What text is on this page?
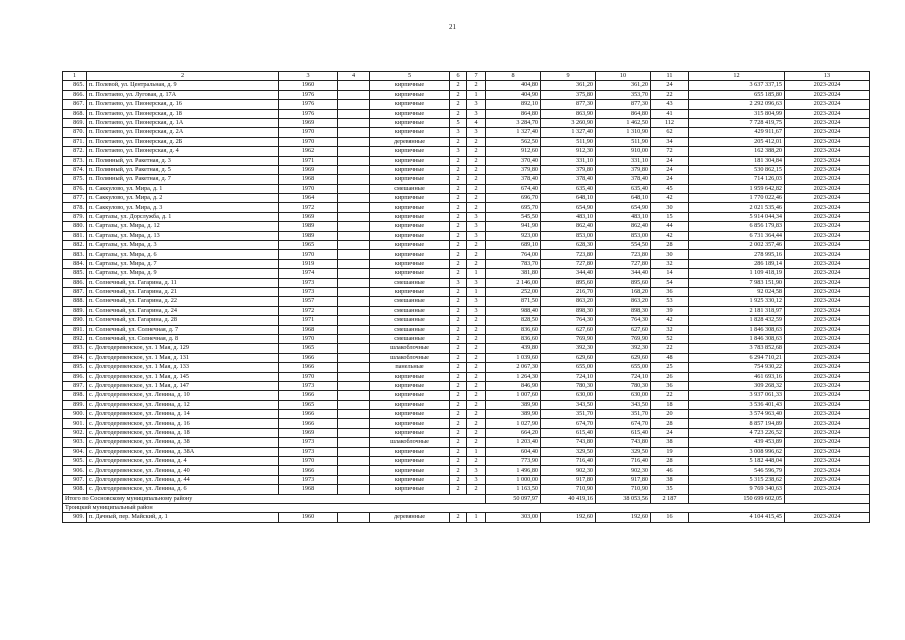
21
1	2	3	4	5	6	7	8	9	10	11	12	13
865.	п. Полевой, ул. Центральная, д. 9	1960		кирпичные	2	2	404,80	361,20	361,20	24	3 637 337,15	2023-2024
866.	п. Полетаево, ул. Луговая, д. 17А	1976		кирпичные	2	1	404,90	375,80	353,70	22	655 185,80	2023-2024
867.	п. Полетаево, ул. Пионерская, д. 16	1976		кирпичные	2	3	892,10	877,30	877,30	43	2 292 096,63	2023-2024
868.	п. Полетаево, ул. Пионерская, д. 18	1976		кирпичные	2	3	864,80	863,90	864,80	41	315 804,99	2023-2024
869.	п. Полетаево, ул. Пионерская, д. 1А	1969		кирпичные	5	4	3 284,70	3 260,90	1 462,50	112	7 728 419,75	2023-2024
870.	п. Полетаево, ул. Пионерская, д. 2А	1970		кирпичные	3	3	1 327,40	1 327,40	1 310,90	62	429 911,67	2023-2024
871.	п. Полетаево, ул. Пионерская, д. 2Б	1970		деревянные	2	2	562,50	511,90	511,90	34	205 412,01	2023-2024
872.	п. Полетаево, ул. Пионерская, д. 4	1962		кирпичные	3	2	912,60	912,30	910,00	72	162 388,20	2023-2024
873.	п. Полянный, ул. Ракетная, д. 3	1971		кирпичные	2	2	370,40	331,10	331,10	24	181 304,84	2023-2024
874.	п. Полянный, ул. Ракетная, д. 5	1969		кирпичные	2	2	379,80	379,80	379,80	24	530 862,15	2023-2024
875.	п. Полянный, ул. Ракетная, д. 7	1968		кирпичные	2	2	378,40	378,40	378,40	24	714 126,03	2023-2024
876.	п. Саккулово, ул. Мира, д. 1	1970		смешанные	2	2	674,40	635,40	635,40	45	1 959 642,82	2023-2024
877.	п. Саккулово, ул. Мира, д. 2	1964		кирпичные	2	2	696,70	648,10	648,10	42	1 770 022,46	2023-2024
878.	п. Саккулово, ул. Мира, д. 3	1972		кирпичные	2	2	695,70	654,90	654,90	30	2 021 535,46	2023-2024
879.	п. Сартазы, ул. Дорслужба, д. 1	1969		кирпичные	2	3	545,50	483,10	483,10	15	5 914 044,34	2023-2024
880.	п. Сартазы, ул. Мира, д. 12	1989		кирпичные	2	3	941,90	862,40	862,40	44	6 856 179,83	2023-2024
881.	п. Сартазы, ул. Мира, д. 13	1989		кирпичные	2	3	923,00	853,00	853,00	42	6 731 364,44	2023-2024
882.	п. Сартазы, ул. Мира, д. 3	1965		кирпичные	2	2	689,10	628,30	554,50	28	2 002 357,46	2023-2024
883.	п. Сартазы, ул. Мира, д. 6	1970		кирпичные	2	2	764,00	723,80	723,80	30	278 995,16	2023-2024
884.	п. Сартазы, ул. Мира, д. 7	1919		кирпичные	2	2	783,70	727,80	727,80	32	286 189,14	2023-2024
885.	п. Сартазы, ул. Мира, д. 9	1974		кирпичные	2	1	381,80	344,40	344,40	14	1 109 418,19	2023-2024
886.	п. Солнечный, ул. Гагарина, д. 11	1973		смешанные	3	3	2 146,00	895,60	895,60	54	7 983 151,90	2023-2024
887.	п. Солнечный, ул. Гагарина, д. 21	1973		кирпичные	2	1	252,00	216,70	168,20	36	92 024,58	2023-2024
888.	п. Солнечный, ул. Гагарина, д. 22	1957		смешанные	2	3	871,50	863,20	863,20	53	1 925 330,12	2023-2024
889.	п. Солнечный, ул. Гагарина, д. 24	1972		смешанные	2	3	988,40	898,30	898,30	39	2 181 318,97	2023-2024
890.	п. Солнечный, ул. Гагарина, д. 28	1971		смешанные	2	2	828,50	764,30	764,30	42	1 828 432,59	2023-2024
891.	п. Солнечный, ул. Солнечная, д. 7	1968		смешанные	2	2	836,60	627,60	627,60	32	1 846 308,63	2023-2024
892.	п. Солнечный, ул. Солнечная, д. 8	1970		смешанные	2	2	836,60	769,90	769,90	52	1 846 308,63	2023-2024
893.	с. Долгодеревенское, ул. 1 Мая, д. 129	1965		шлакоблочные	2	2	439,80	392,30	392,30	22	3 783 852,68	2023-2024
894.	с. Долгодеревенское, ул. 1 Мая, д. 131	1966		шлакоблочные	2	2	1 039,60	629,60	629,60	48	6 294 710,21	2023-2024
895.	с. Долгодеревенское, ул. 1 Мая, д. 133	1966		панельные	2	2	2 067,30	655,00	655,00	25	754 930,22	2023-2024
896.	с. Долгодеревенское, ул. 1 Мая, д. 145	1970		кирпичные	2	2	1 264,30	724,10	724,10	26	461 693,16	2023-2024
897.	с. Долгодеревенское, ул. 1 Мая, д. 147	1973		кирпичные	2	2	846,90	780,30	780,30	36	309 268,32	2023-2024
898.	с. Долгодеревенское, ул. Ленина, д. 10	1966		кирпичные	2	2	1 007,60	630,00	630,00	22	3 937 061,33	2023-2024
899.	с. Долгодеревенское, ул. Ленина, д. 12	1965		кирпичные	2	2	389,90	343,50	343,50	18	3 536 401,43	2023-2024
900.	с. Долгодеревенское, ул. Ленина, д. 14	1966		кирпичные	2	2	389,90	351,70	351,70	20	3 574 963,40	2023-2024
901.	с. Долгодеревенское, ул. Ленина, д. 16	1966		кирпичные	2	2	1 027,90	674,70	674,70	28	8 857 194,89	2023-2024
902.	с. Долгодеревенское, ул. Ленина, д. 18	1969		кирпичные	2	2	664,20	615,40	615,40	24	4 723 226,52	2023-2024
903.	с. Долгодеревенское, ул. Ленина, д. 38	1973		шлакоблочные	2	2	1 203,40	743,80	743,80	38	439 453,89	2023-2024
904.	с. Долгодеревенское, ул. Ленина, д. 38А	1973		кирпичные	2	1	604,40	329,50	329,50	19	3 008 996,62	2023-2024
905.	с. Долгодеревенское, ул. Ленина, д. 4	1970		кирпичные	2	2	773,90	716,40	716,40	28	5 182 448,04	2023-2024
906.	с. Долгодеревенское, ул. Ленина, д. 40	1966		кирпичные	2	3	1 496,80	902,30	902,30	46	546 596,79	2023-2024
907.	с. Долгодеревенское, ул. Ленина, д. 44	1973		кирпичные	2	3	1 000,00	917,80	917,80	38	5 315 238,62	2023-2024
908.	с. Долгодеревенское, ул. Ленина, д. 6	1968		кирпичные	2	2	1 163,50	710,90	710,90	35	9 769 340,63	2023-2024
Итого по Сосновскому муниципальному району							50 097,97	40 419,16	38 053,56	2 187	150 699 602,05	
Троицкий муниципальный район												
909.	п. Дачный, пер. Майский, д. 1	1960		деревянные	2	1	303,00	192,60	192,60	16	4 104 415,45	2023-2024
